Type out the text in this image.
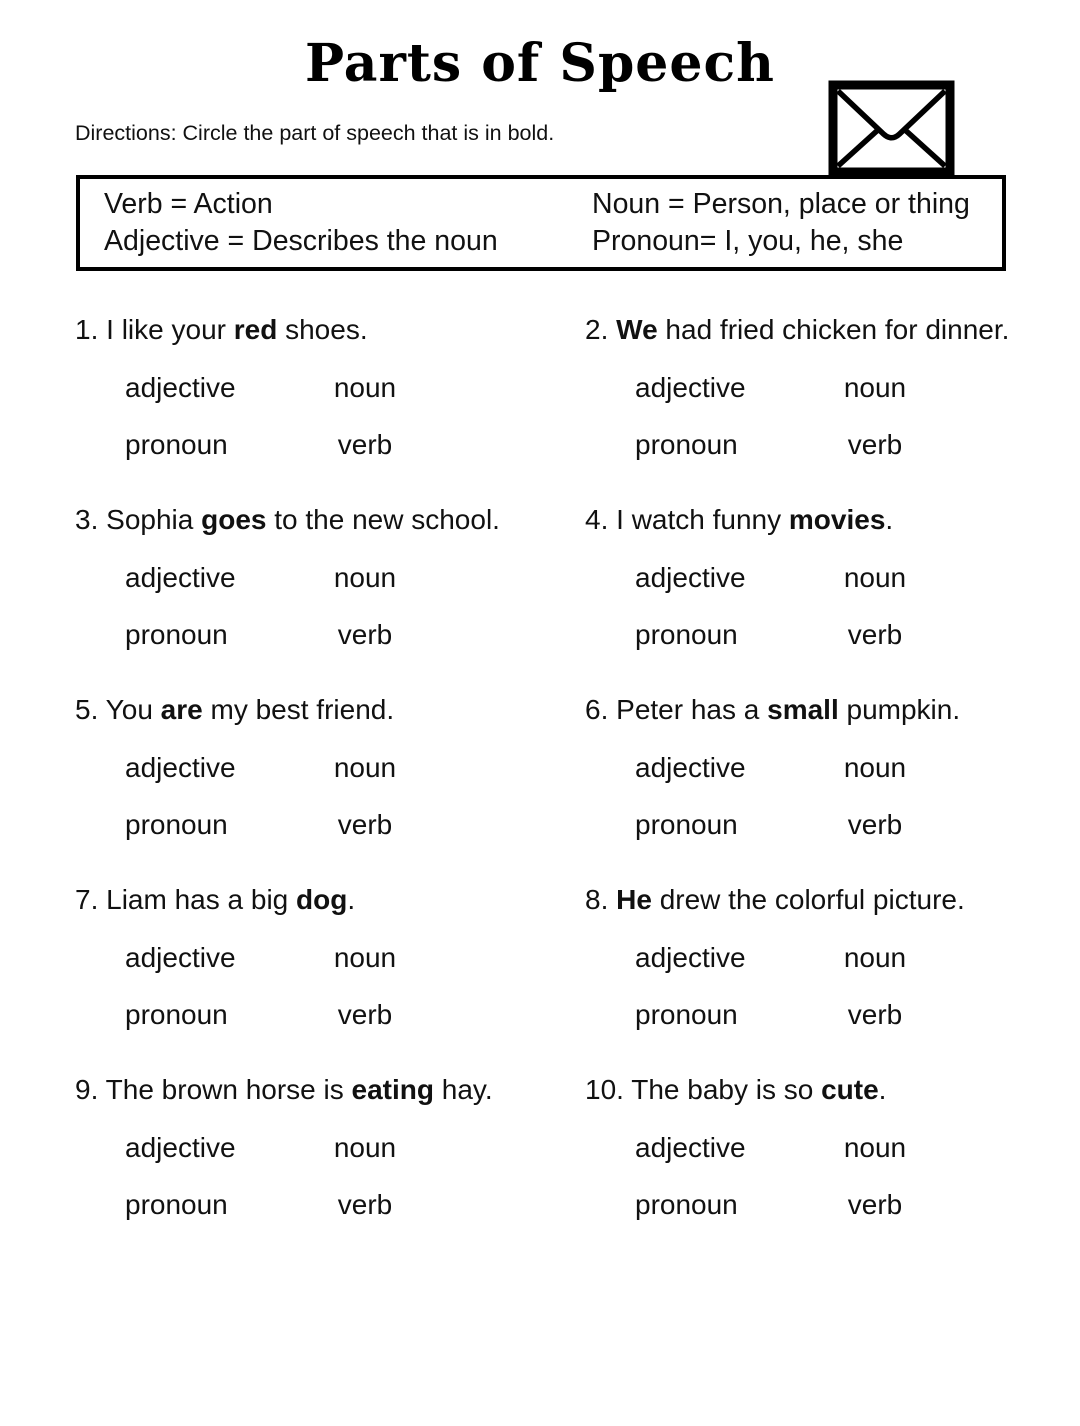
Parts of Speech
Directions: Circle the part of speech that is in bold.
Verb = Action
Adjective = Describes the noun
Noun = Person, place or thing
Pronoun= I, you, he, she
1. I like your red shoes.
adjective	noun
pronoun	verb
2. We had fried chicken for dinner.
adjective	noun
pronoun	verb
3. Sophia goes to the new school.
adjective	noun
pronoun	verb
4. I watch funny movies.
adjective	noun
pronoun	verb
5. You are my best friend.
adjective	noun
pronoun	verb
6. Peter has a small pumpkin.
adjective	noun
pronoun	verb
7. Liam has a big dog.
adjective	noun
pronoun	verb
8. He drew the colorful picture.
adjective	noun
pronoun	verb
9. The brown horse is eating hay.
adjective	noun
pronoun	verb
10. The baby is so cute.
adjective	noun
pronoun	verb
